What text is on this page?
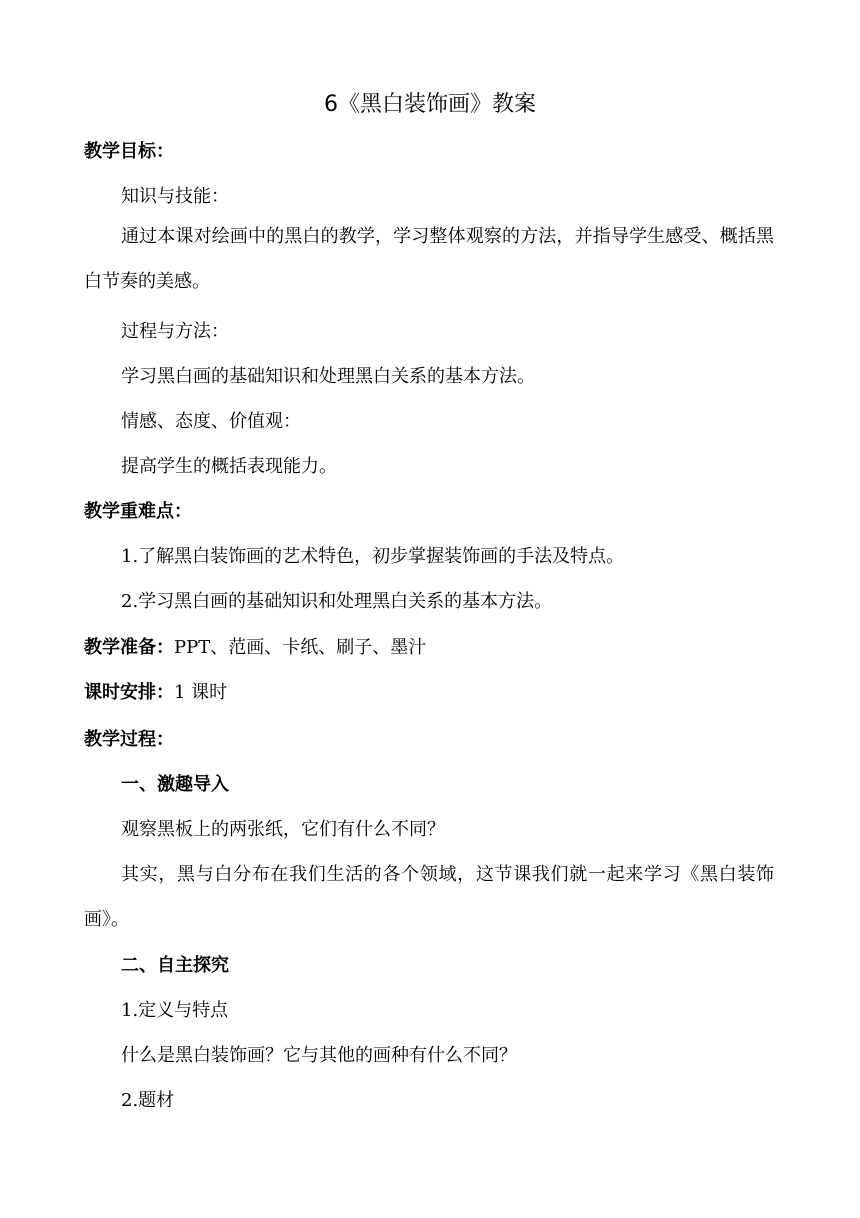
6《黑白装饰画》教案
教学目标：
知识与技能：
通过本课对绘画中的黑白的教学，学习整体观察的方法，并指导学生感受、概括黑白节奏的美感。
过程与方法：
学习黑白画的基础知识和处理黑白关系的基本方法。
情感、态度、价值观：
提高学生的概括表现能力。
教学重难点：
1.了解黑白装饰画的艺术特色，初步掌握装饰画的手法及特点。
2.学习黑白画的基础知识和处理黑白关系的基本方法。
教学准备：PPT、范画、卡纸、刷子、墨汁
课时安排：1 课时
教学过程：
一、激趣导入
观察黑板上的两张纸，它们有什么不同？
其实，黑与白分布在我们生活的各个领域，这节课我们就一起来学习《黑白装饰画》。
二、自主探究
1.定义与特点
什么是黑白装饰画？它与其他的画种有什么不同？
2.题材
